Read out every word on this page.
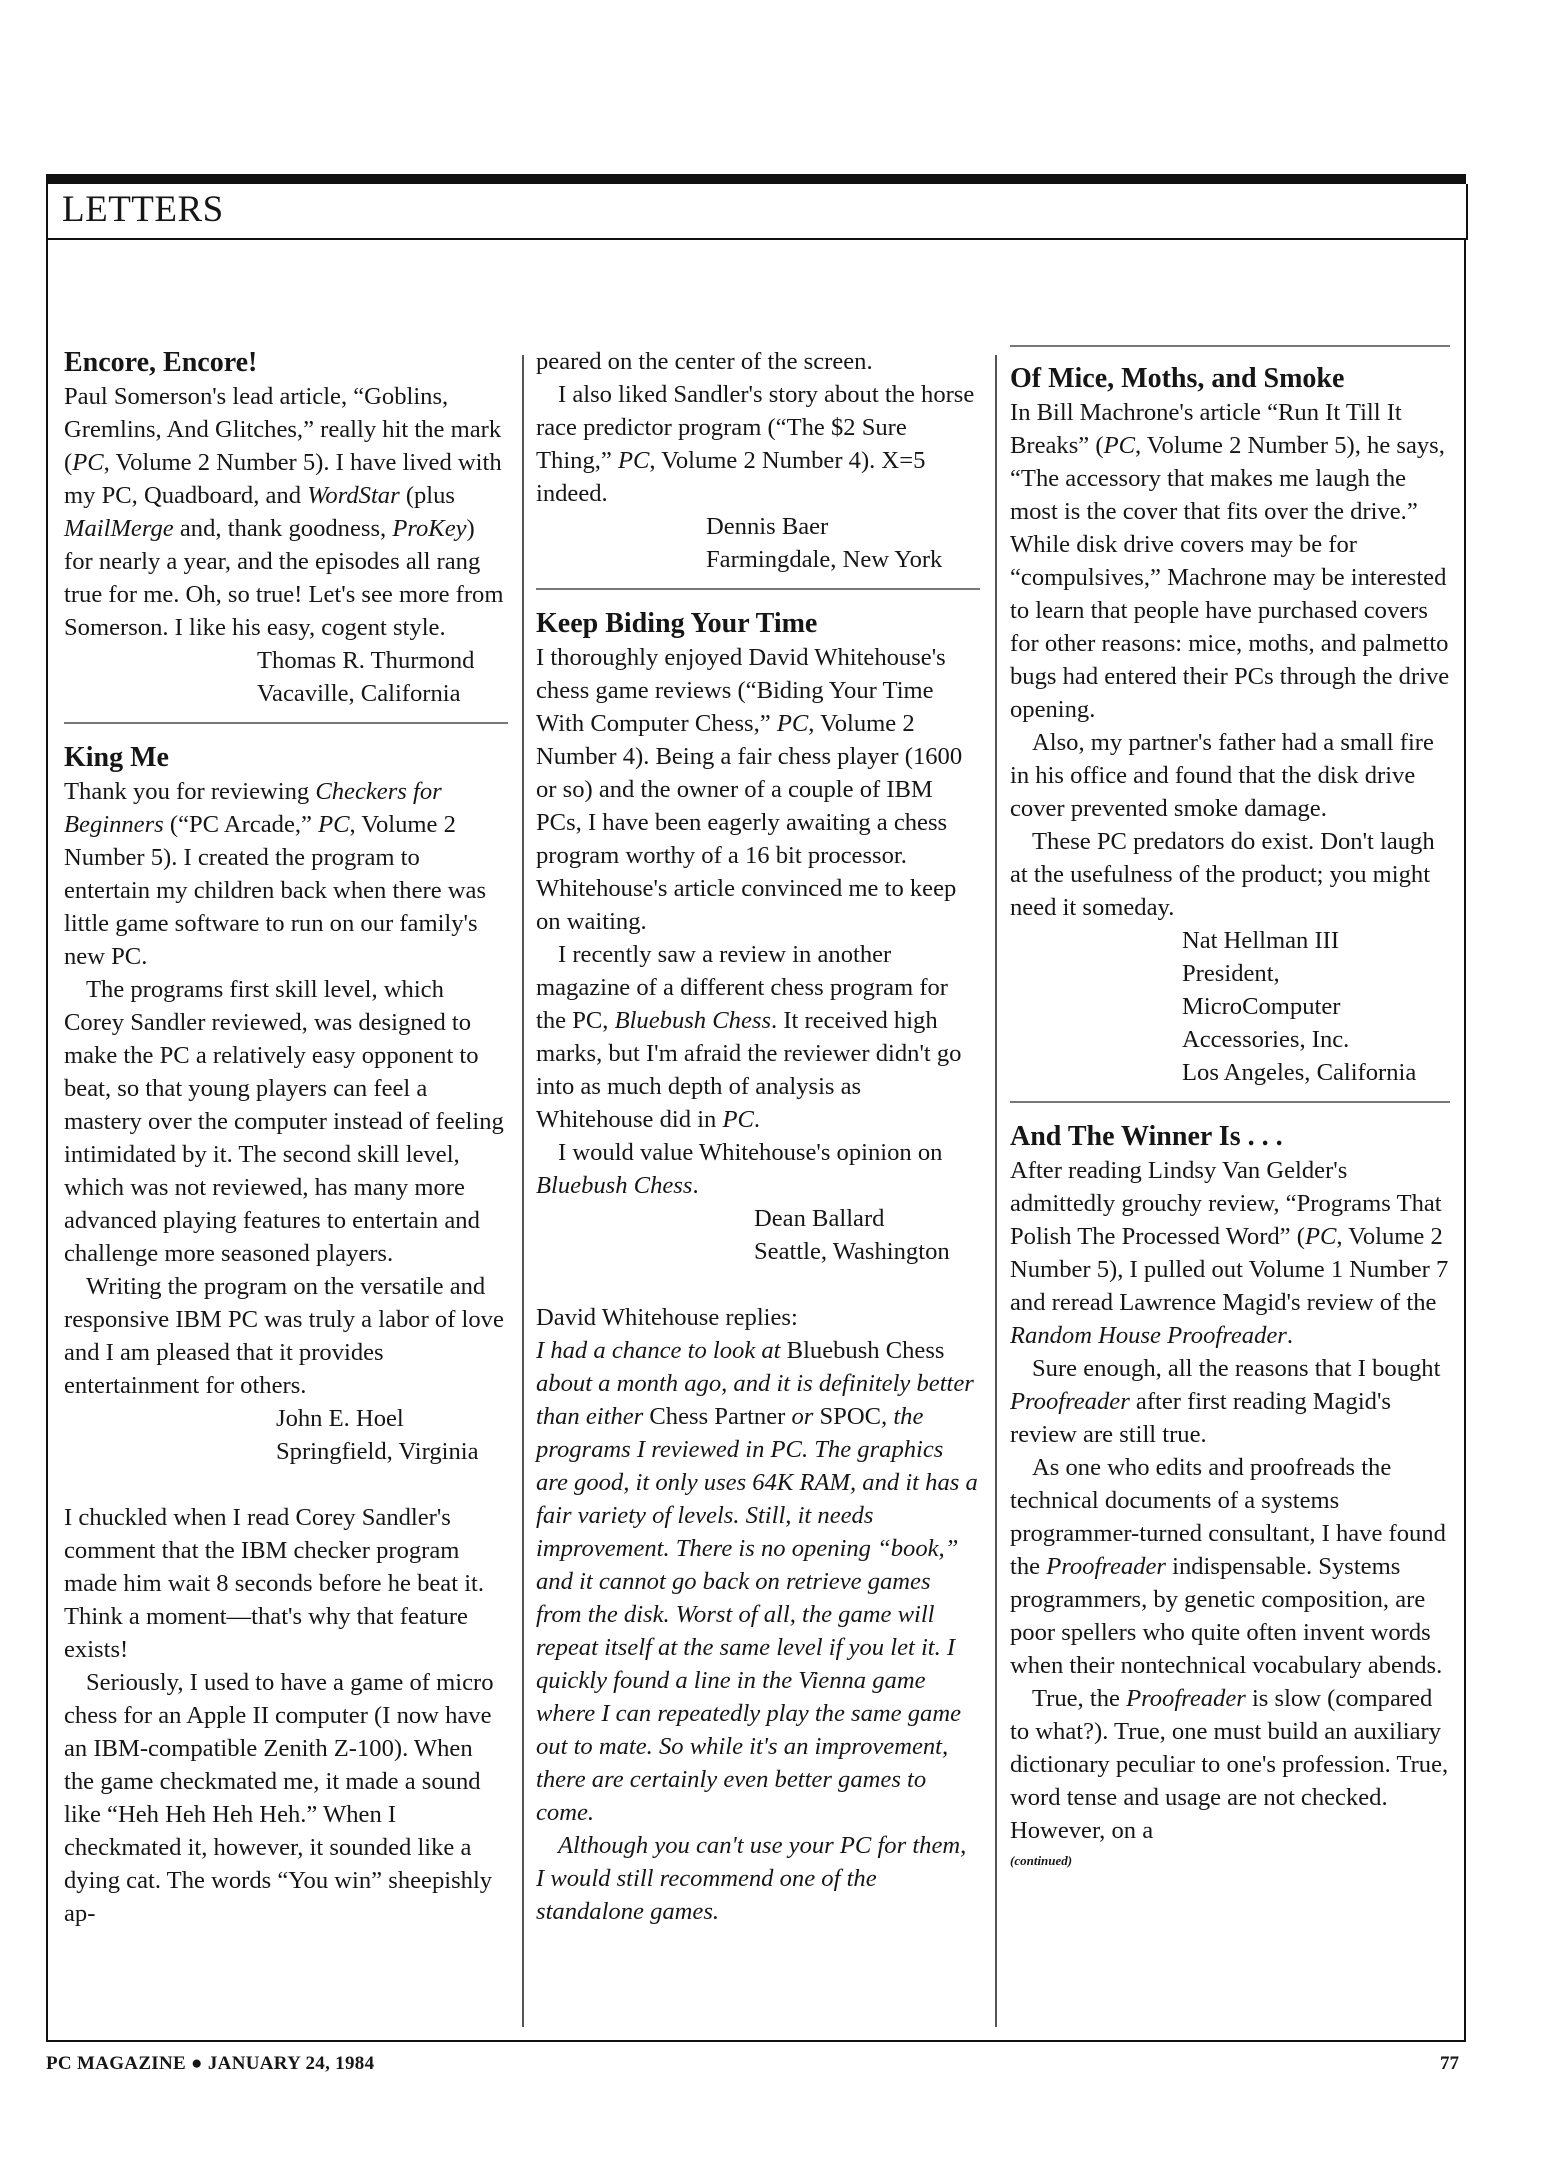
LETTERS
Encore, Encore!

Paul Somerson's lead article, “Goblins, Gremlins, And Glitches,” really hit the mark (PC, Volume 2 Number 5). I have lived with my PC, Quadboard, and WordStar (plus MailMerge and, thank goodness, ProKey) for nearly a year, and the episodes all rang true for me. Oh, so true! Let's see more from Somerson. I like his easy, cogent style.

Thomas R. Thurmond
Vacaville, California
King Me

Thank you for reviewing Checkers for Beginners (“PC Arcade,” PC, Volume 2 Number 5). I created the program to entertain my children back when there was little game software to run on our family's new PC.

The programs first skill level, which Corey Sandler reviewed, was designed to make the PC a relatively easy opponent to beat, so that young players can feel a mastery over the computer instead of feeling intimidated by it. The second skill level, which was not reviewed, has many more advanced playing features to entertain and challenge more seasoned players.

Writing the program on the versatile and responsive IBM PC was truly a labor of love and I am pleased that it provides entertainment for others.

John E. Hoel
Springfield, Virginia

I chuckled when I read Corey Sandler's comment that the IBM checker program made him wait 8 seconds before he beat it. Think a moment—that's why that feature exists!

Seriously, I used to have a game of micro chess for an Apple II computer (I now have an IBM-compatible Zenith Z-100). When the game checkmated me, it made a sound like “Heh Heh Heh Heh.” When I checkmated it, however, it sounded like a dying cat. The words “You win” sheepishly ap-

peared on the center of the screen.

I also liked Sandler's story about the horse race predictor program (“The $2 Sure Thing,” PC, Volume 2 Number 4). X=5 indeed.

Dennis Baer
Farmingdale, New York
Keep Biding Your Time

I thoroughly enjoyed David Whitehouse's chess game reviews (“Biding Your Time With Computer Chess,” PC, Volume 2 Number 4). Being a fair chess player (1600 or so) and the owner of a couple of IBM PCs, I have been eagerly awaiting a chess program worthy of a 16 bit processor. Whitehouse's article convinced me to keep on waiting.

I recently saw a review in another magazine of a different chess program for the PC, Bluebush Chess. It received high marks, but I'm afraid the reviewer didn't go into as much depth of analysis as Whitehouse did in PC.

I would value Whitehouse's opinion on Bluebush Chess.

Dean Ballard
Seattle, Washington

David Whitehouse replies:

I had a chance to look at Bluebush Chess about a month ago, and it is definitely better than either Chess Partner or SPOC, the programs I reviewed in PC. The graphics are good, it only uses 64K RAM, and it has a fair variety of levels. Still, it needs improvement. There is no opening “book,” and it cannot go back on retrieve games from the disk. Worst of all, the game will repeat itself at the same level if you let it. I quickly found a line in the Vienna game where I can repeatedly play the same game out to mate. So while it's an improvement, there are certainly even better games to come.

Although you can't use your PC for them, I would still recommend one of the standalone games.

Of Mice, Moths, and Smoke

In Bill Machrone's article “Run It Till It Breaks” (PC, Volume 2 Number 5), he says, “The accessory that makes me laugh the most is the cover that fits over the drive.” While disk drive covers may be for “compulsives,” Machrone may be interested to learn that people have purchased covers for other reasons: mice, moths, and palmetto bugs had entered their PCs through the drive opening.

Also, my partner's father had a small fire in his office and found that the disk drive cover prevented smoke damage.

These PC predators do exist. Don't laugh at the usefulness of the product; you might need it someday.

Nat Hellman III
President,
MicroComputer
Accessories, Inc.
Los Angeles, California
And The Winner Is . . .

After reading Lindsy Van Gelder's admittedly grouchy review, “Programs That Polish The Processed Word” (PC, Volume 2 Number 5), I pulled out Volume 1 Number 7 and reread Lawrence Magid's review of the Random House Proofreader.

Sure enough, all the reasons that I bought Proofreader after first reading Magid's review are still true.

As one who edits and proofreads the technical documents of a systems programmer-turned consultant, I have found the Proofreader indispensable. Systems programmers, by genetic composition, are poor spellers who quite often invent words when their nontechnical vocabulary abends.

True, the Proofreader is slow (compared to what?). True, one must build an auxiliary dictionary peculiar to one's profession. True, word tense and usage are not checked. However, on a

(continued)
PC MAGAZINE ● JANUARY 24, 1984	77
